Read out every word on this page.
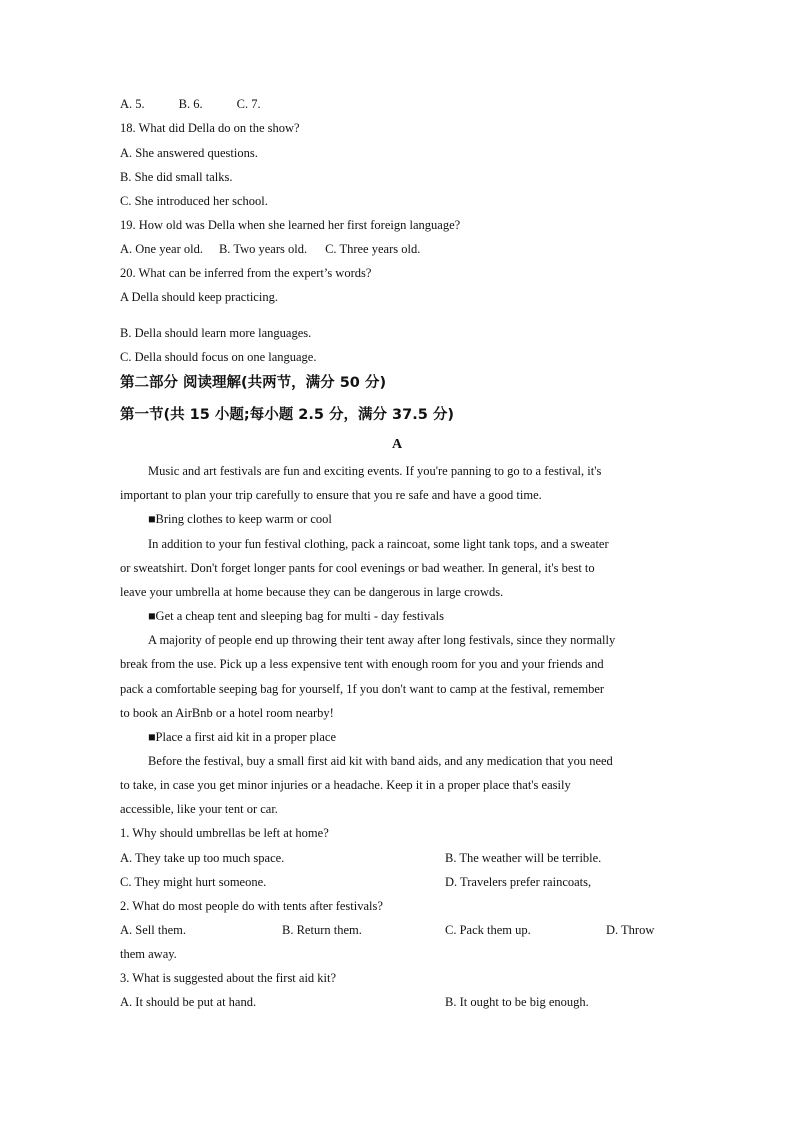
A. 5.	B. 6.	C. 7.
18. What did Della do on the show?
A. She answered questions.
B. She did small talks.
C. She introduced her school.
19. How old was Della when she learned her first foreign language?
A. One year old. B. Two years old. C. Three years old.
20. What can be inferred from the expert’s words?
A Della should keep practicing.
B. Della should learn more languages.
C. Della should focus on one language.
第二部分 阅读理解(共两节，满分 50 分)
第一节(共 15 小题;每小题 2.5 分，满分 37.5 分)
A
Music and art festivals are fun and exciting events. If you're panning to go to a festival, it's
important to plan your trip carefully to ensure that you re safe and have a good time.
■Bring clothes to keep warm or cool
In addition to your fun festival clothing, pack a raincoat, some light tank tops, and a sweater
or sweatshirt. Don't forget longer pants for cool evenings or bad weather. In general, it's best to
leave your umbrella at home because they can be dangerous in large crowds.
■Get a cheap tent and sleeping bag for multi - day festivals
A majority of people end up throwing their tent away after long festivals, since they normally
break from the use. Pick up a less expensive tent with enough room for you and your friends and
pack a comfortable seeping bag for yourself, 1f you don't want to camp at the festival, remember
to book an AirBnb or a hotel room nearby!
■Place a first aid kit in a proper place
Before the festival, buy a small first aid kit with band aids, and any medication that you need
to take, in case you get minor injuries or a headache. Keep it in a proper place that's easily
accessible, like your tent or car.
1. Why should umbrellas be left at home?
A. They take up too much space.	B. The weather will be terrible.
C. They might hurt someone.	D. Travelers prefer raincoats,
2. What do most people do with tents after festivals?
A. Sell them.	B. Return them.	C. Pack them up.	D. Throw
them away.
3. What is suggested about the first aid kit?
A. It should be put at hand.	B. It ought to be big enough.
